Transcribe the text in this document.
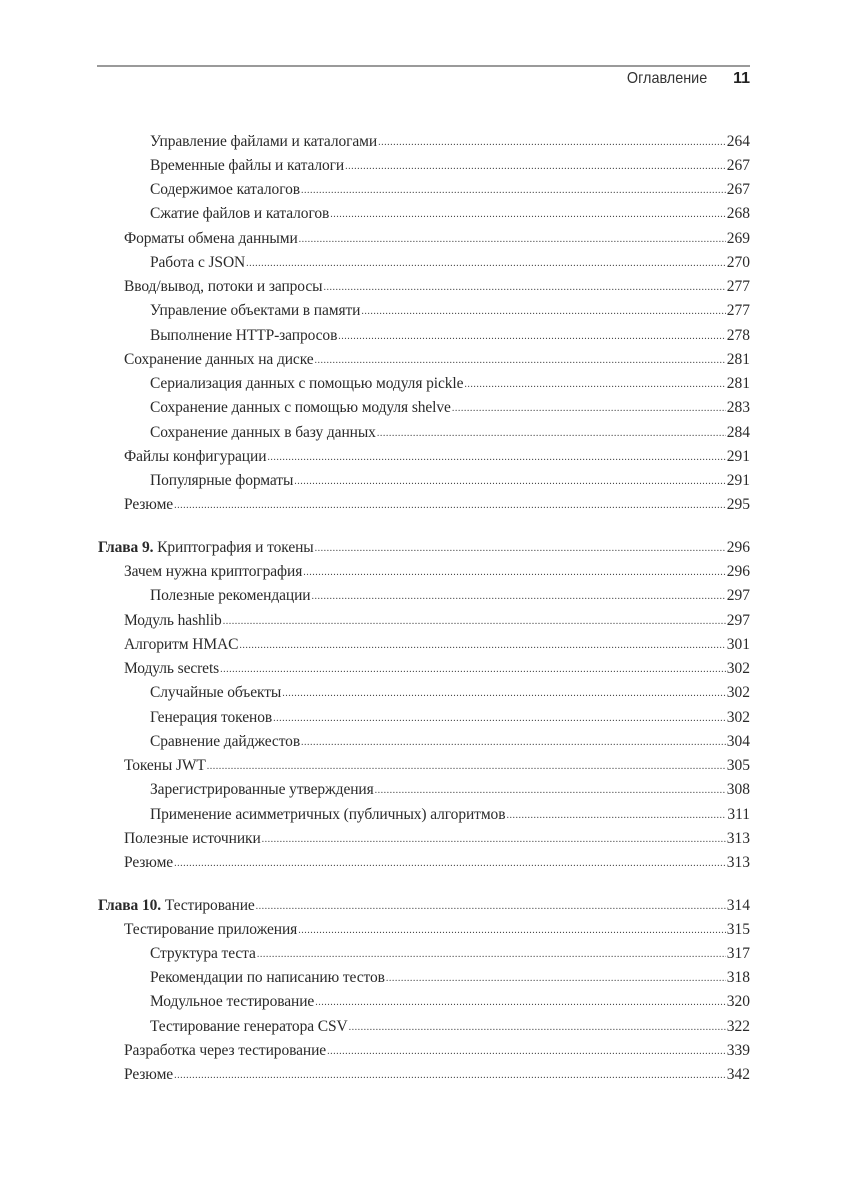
Оглавление 11
Управление файлами и каталогами .....	264
Временные файлы и каталоги .....	267
Содержимое каталогов .....	267
Сжатие файлов и каталогов .....	268
Форматы обмена данными .....	269
Работа с JSON .....	270
Ввод/вывод, потоки и запросы .....	277
Управление объектами в памяти .....	277
Выполнение HTTP-запросов .....	278
Сохранение данных на диске .....	281
Сериализация данных с помощью модуля pickle .....	281
Сохранение данных с помощью модуля shelve .....	283
Сохранение данных в базу данных .....	284
Файлы конфигурации .....	291
Популярные форматы .....	291
Резюме .....	295
Глава 9. Криптография и токены .....	296
Зачем нужна криптография .....	296
Полезные рекомендации .....	297
Модуль hashlib .....	297
Алгоритм HMAC .....	301
Модуль secrets .....	302
Случайные объекты .....	302
Генерация токенов .....	302
Сравнение дайджестов .....	304
Токены JWT .....	305
Зарегистрированные утверждения .....	308
Применение асимметричных (публичных) алгоритмов .....	311
Полезные источники .....	313
Резюме .....	313
Глава 10. Тестирование .....	314
Тестирование приложения .....	315
Структура теста .....	317
Рекомендации по написанию тестов .....	318
Модульное тестирование .....	320
Тестирование генератора CSV .....	322
Разработка через тестирование .....	339
Резюме .....	342
